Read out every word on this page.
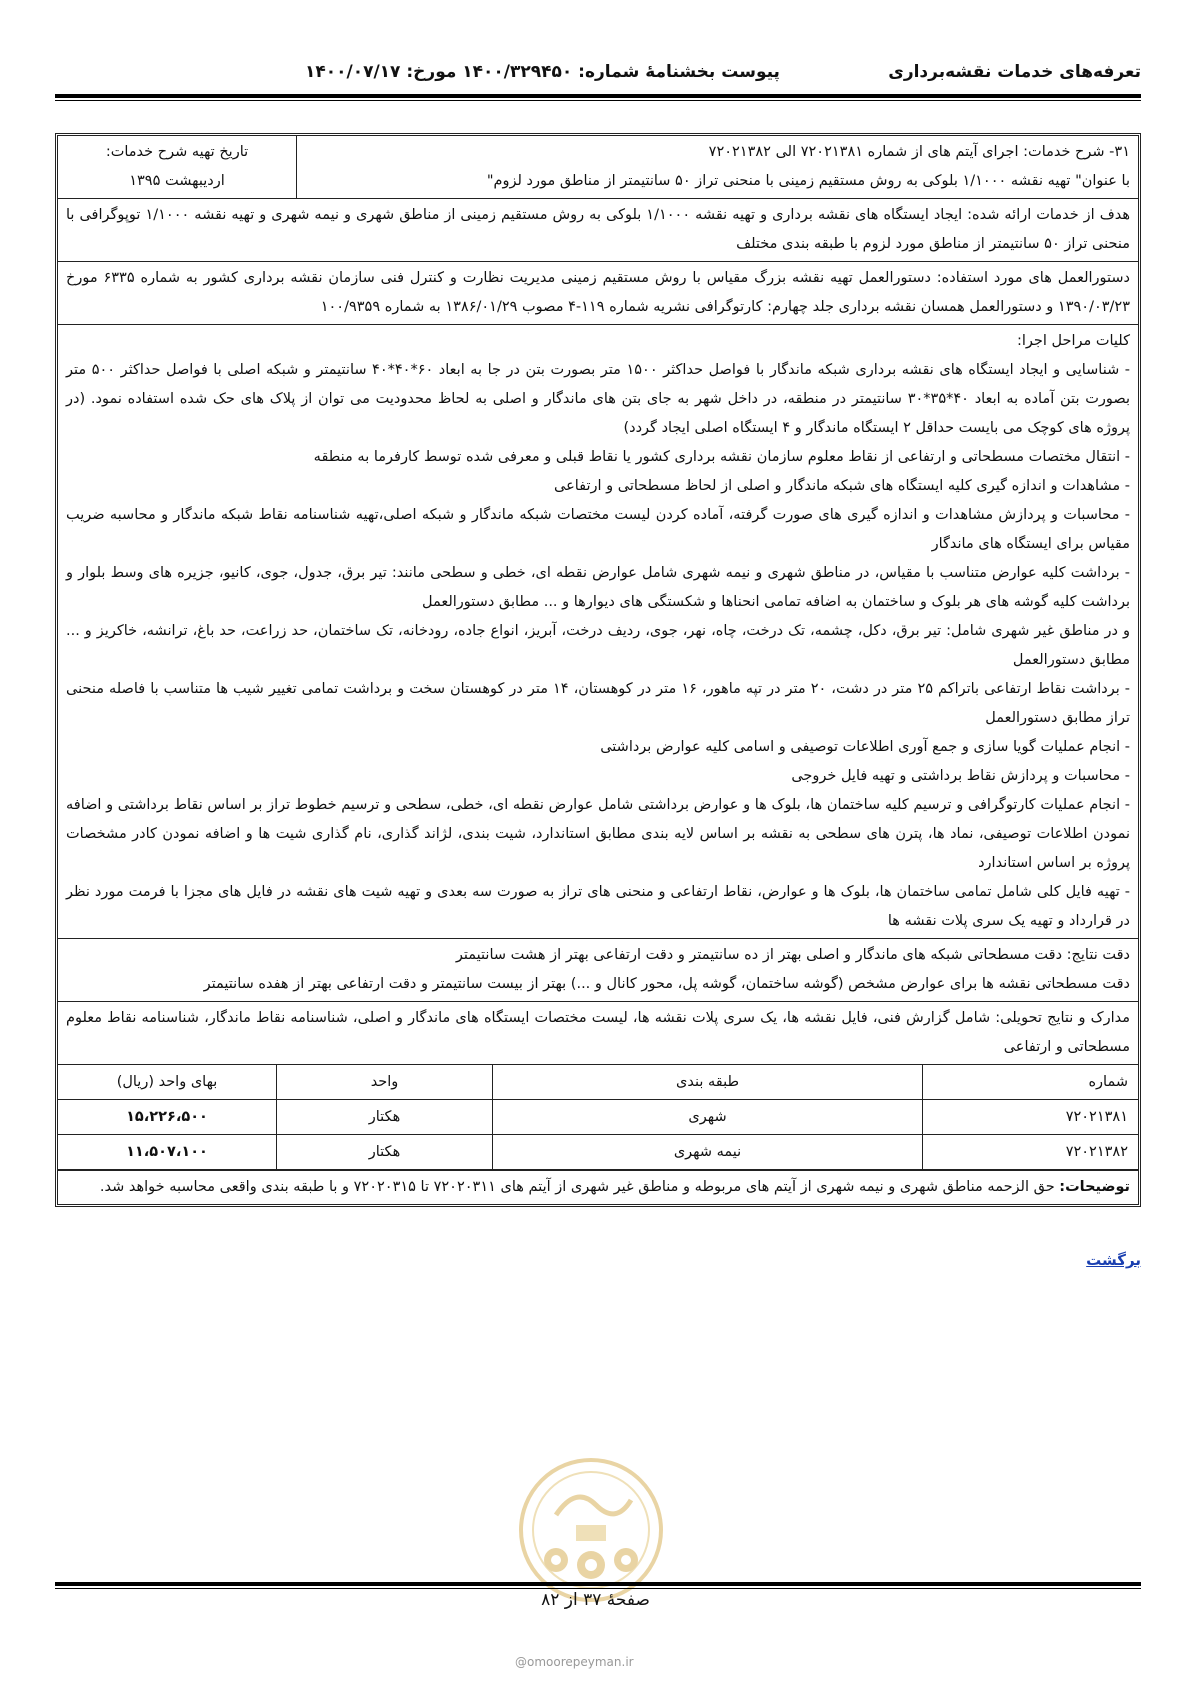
تعرفه‌های خدمات نقشه‌برداری
پیوست بخشنامهٔ شماره: ۱۴۰۰/۳۲۹۴۵۰ مورخ: ۱۴۰۰/۰۷/۱۷
۳۱- شرح خدمات: اجرای آیتم های از شماره ۷۲۰۲۱۳۸۱ الی ۷۲۰۲۱۳۸۲
با عنوان" تهیه نقشه ۱/۱۰۰۰ بلوکی به روش مستقیم زمینی با منحنی تراز ۵۰ سانتیمتر از مناطق مورد لزوم"
تاریخ تهیه شرح خدمات:
اردیبهشت ۱۳۹۵
هدف از خدمات ارائه شده: ایجاد ایستگاه های نقشه برداری و تهیه نقشه ۱/۱۰۰۰ بلوکی به روش مستقیم زمینی از مناطق شهری و نیمه شهری و تهیه نقشه ۱/۱۰۰۰ توپوگرافی با منحنی تراز ۵۰ سانتیمتر از مناطق مورد لزوم با طبقه بندی مختلف
دستورالعمل های مورد استفاده: دستورالعمل تهیه نقشه بزرگ مقیاس با روش مستقیم زمینی مدیریت نظارت و کنترل فنی سازمان نقشه برداری کشور به شماره ۶۳۳۵ مورخ ۱۳۹۰/۰۳/۲۳ و دستورالعمل همسان نقشه برداری جلد چهارم: کارتوگرافی نشریه شماره ۱۱۹-۴ مصوب ۱۳۸۶/۰۱/۲۹ به شماره ۱۰۰/۹۳۵۹
کلیات مراحل اجرا:
- شناسایی و ایجاد ایستگاه های نقشه برداری شبکه ماندگار با فواصل حداکثر ۱۵۰۰ متر بصورت بتن در جا به ابعاد ۶۰*۴۰*۴۰ سانتیمتر و شبکه اصلی با فواصل حداکثر ۵۰۰ متر بصورت بتن آماده به ابعاد ۴۰*۳۵*۳۰ سانتیمتر در منطقه، در داخل شهر به جای بتن های ماندگار و اصلی به لحاظ محدودیت می توان از پلاک های حک شده استفاده نمود. (در پروژه های کوچک می بایست حداقل ۲ ایستگاه ماندگار و ۴ ایستگاه اصلی ایجاد گردد)
- انتقال مختصات مسطحاتی و ارتفاعی از نقاط معلوم سازمان نقشه برداری کشور یا نقاط قبلی و معرفی شده توسط کارفرما به منطقه
- مشاهدات و اندازه گیری کلیه ایستگاه های شبکه ماندگار و اصلی از لحاظ مسطحاتی و ارتفاعی
- محاسبات و پردازش مشاهدات و اندازه گیری های صورت گرفته، آماده کردن لیست مختصات شبکه ماندگار و شبکه اصلی،تهیه شناسنامه نقاط شبکه ماندگار و محاسبه ضریب مقیاس برای ایستگاه های ماندگار
- برداشت کلیه عوارض متناسب با مقیاس، در مناطق شهری و نیمه شهری شامل عوارض نقطه ای، خطی و سطحی مانند: تیر برق، جدول، جوی، کانیو، جزیره های وسط بلوار و برداشت کلیه گوشه های هر بلوک و ساختمان به اضافه تمامی انحناها و شکستگی های دیوارها و ... مطابق دستورالعمل
و در مناطق غیر شهری شامل: تیر برق، دکل، چشمه، تک درخت، چاه، نهر، جوی، ردیف درخت، آبریز، انواع جاده، رودخانه، تک ساختمان، حد زراعت، حد باغ، ترانشه، خاکریز و ... مطابق دستورالعمل
- برداشت نقاط ارتفاعی باتراکم ۲۵ متر در دشت، ۲۰ متر در تپه ماهور، ۱۶ متر در کوهستان، ۱۴ متر در کوهستان سخت و برداشت تمامی تغییر شیب ها متناسب با فاصله منحنی تراز مطابق دستورالعمل
- انجام عملیات گویا سازی و جمع آوری اطلاعات توصیفی و اسامی کلیه عوارض برداشتی
- محاسبات و پردازش نقاط برداشتی و تهیه فایل خروجی
- انجام عملیات کارتوگرافی و ترسیم کلیه ساختمان ها، بلوک ها و عوارض برداشتی شامل عوارض نقطه ای، خطی، سطحی و ترسیم خطوط تراز بر اساس نقاط برداشتی و اضافه نمودن اطلاعات توصیفی، نماد ها، پترن های سطحی به نقشه بر اساس لایه بندی مطابق استاندارد، شیت بندی، لژاند گذاری، نام گذاری شیت ها و اضافه نمودن کادر مشخصات پروژه بر اساس استاندارد
- تهیه فایل کلی شامل تمامی ساختمان ها، بلوک ها و عوارض، نقاط ارتفاعی و منحنی های تراز به صورت سه بعدی و تهیه شیت های نقشه در فایل های مجزا با فرمت مورد نظر در قرارداد و تهیه یک سری پلات نقشه ها
دقت نتایج: دقت مسطحاتی شبکه های ماندگار و اصلی بهتر از ده سانتیمتر و دقت ارتفاعی بهتر از هشت سانتیمتر
دقت مسطحاتی نقشه ها برای عوارض مشخص (گوشه ساختمان، گوشه پل، محور کانال و ...) بهتر از بیست سانتیمتر و دقت ارتفاعی بهتر از هفده سانتیمتر
مدارک و نتایج تحویلی: شامل گزارش فنی، فایل نقشه ها، یک سری پلات نقشه ها، لیست مختصات ایستگاه های ماندگار و اصلی، شناسنامه نقاط ماندگار، شناسنامه نقاط معلوم مسطحاتی و ارتفاعی
شماره	طبقه بندی	واحد	بهای واحد (ریال)
۷۲۰۲۱۳۸۱	شهری	هکتار	۱۵،۲۲۶،۵۰۰
۷۲۰۲۱۳۸۲	نیمه شهری	هکتار	۱۱،۵۰۷،۱۰۰
توضیحات: حق الزحمه مناطق شهری و نیمه شهری از آیتم های مربوطه و مناطق غیر شهری از آیتم های ۷۲۰۲۰۳۱۱ تا ۷۲۰۲۰۳۱۵ و با طبقه بندی واقعی محاسبه خواهد شد.
برگشت
صفحهٔ ۳۷ از ۸۲
@omoorepeyman.ir
